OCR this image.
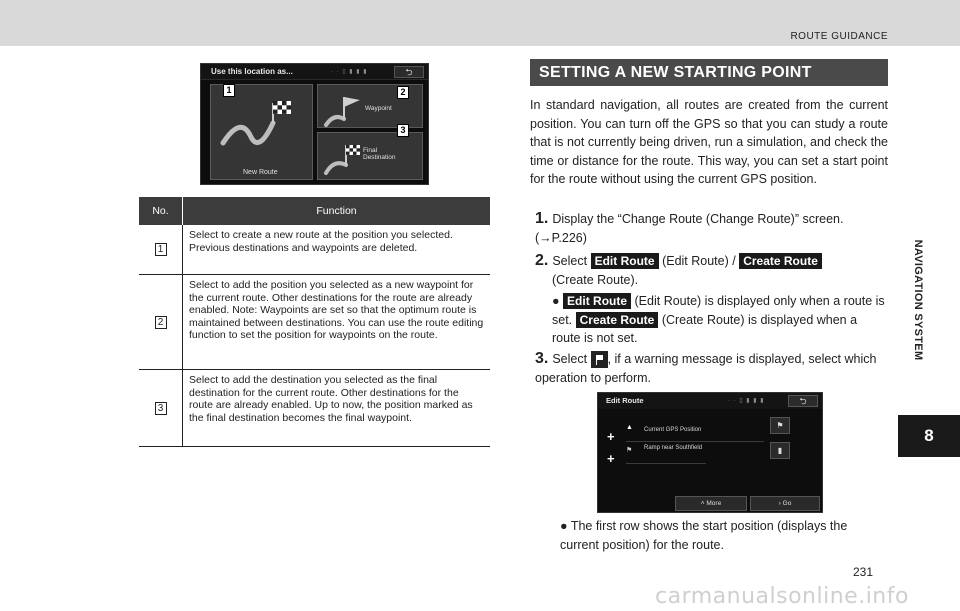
ROUTE GUIDANCE
NAVIGATION SYSTEM
8
Use this location as...	· · ▯ ▮ ▮ ▮	⮌
New Route
1
Waypoint
2
Final Destination
3
No.	Function
1
Select to create a new route at the position you selected. Previous destinations and waypoints are deleted.
2
Select to add the position you selected as a new waypoint for the current route. Other destinations for the route are already enabled. Note: Waypoints are set so that the optimum route is maintained between destinations. You can use the route editing function to set the position for waypoints on the route.
3
Select to add the destination you selected as the final destination for the current route. Other destinations for the route are already enabled. Up to now, the position marked as the final destination becomes the final waypoint.
SETTING A NEW STARTING POINT
In standard navigation, all routes are created from the current position. You can turn off the GPS so that you can study a route that is not currently being driven, run a simulation, and check the time or distance for the route. This way, you can set a start point for the route without using the current GPS position.
1. Display the “Change Route (Change Route)” screen. (→P.226)
2. Select Edit Route (Edit Route) / Create Route
(Create Route).
● Edit Route (Edit Route) is displayed only when a route is set. Create Route (Create Route) is displayed when a route is not set.
3. Select , if a warning message is displayed, select which operation to perform.
Edit Route	· · ▯ ▮ ▮ ▮	⮌
+
+
▲	Current GPS Position
⚑	Ramp near Southfield
⚑
▮
˄ More	› Go
● The first row shows the start position (displays the current position) for the route.
231
carmanualsonline.info
